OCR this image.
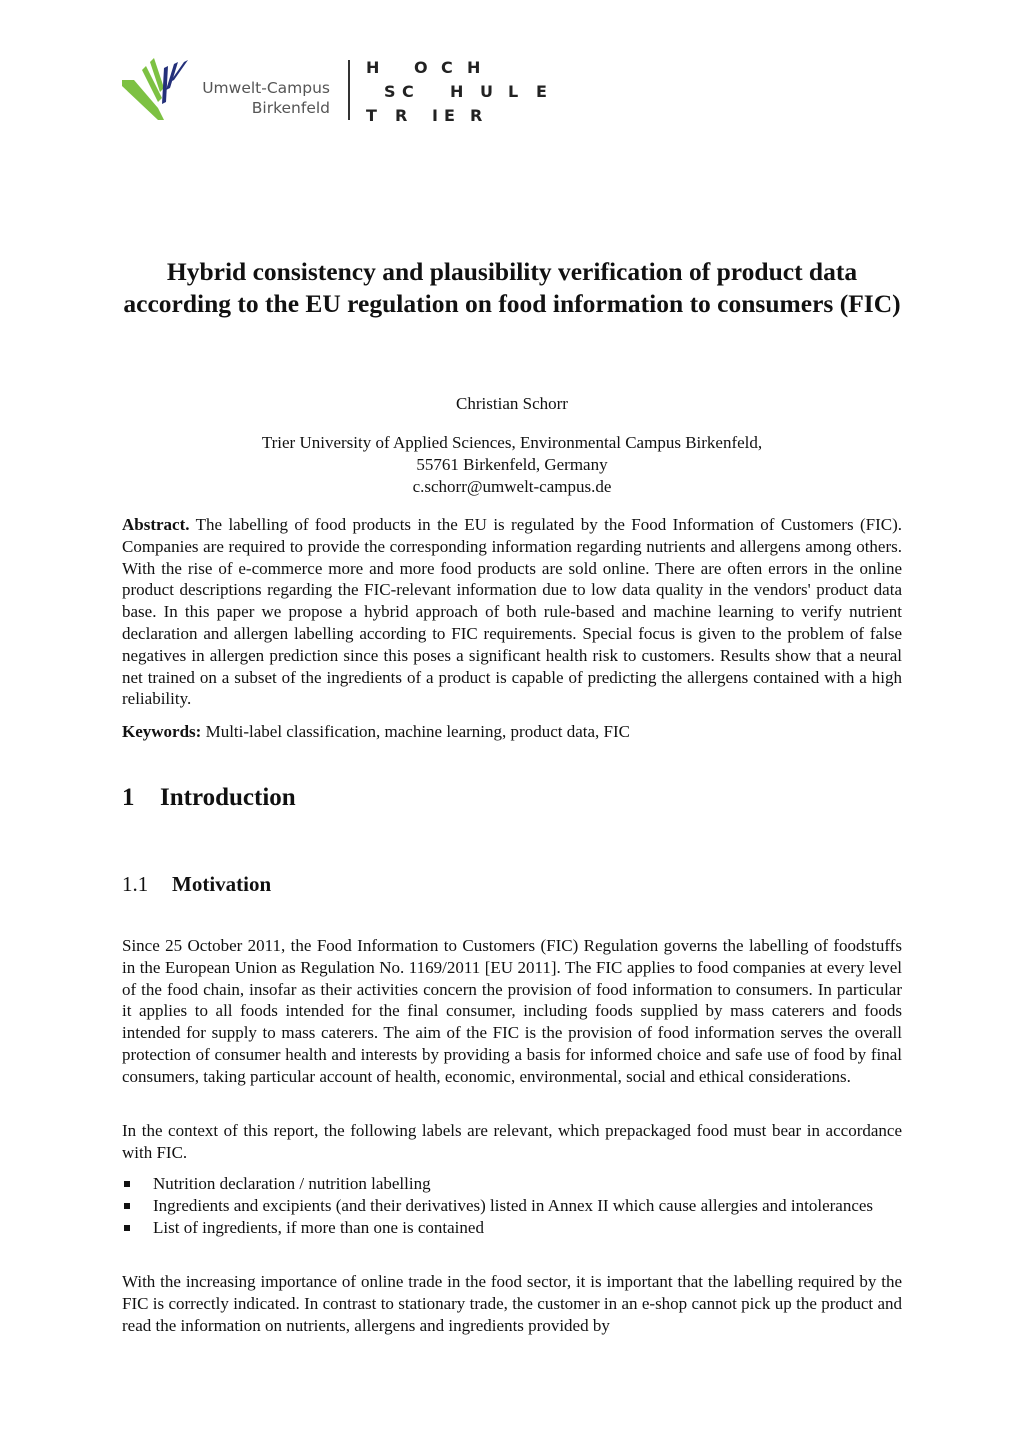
Umwelt-Campus
Birkenfeld
H O C H
S C H U L E
T R I E R
Hybrid consistency and plausibility verification of product data according to the EU regulation on food information to consumers (FIC)
Christian Schorr
Trier University of Applied Sciences, Environmental Campus Birkenfeld,
55761 Birkenfeld, Germany
c.schorr@umwelt-campus.de

Abstract. The labelling of food products in the EU is regulated by the Food Information of Customers (FIC). Companies are required to provide the corresponding information regarding nutrients and allergens among others. With the rise of e-commerce more and more food products are sold online. There are often errors in the online product descriptions regarding the FIC-relevant information due to low data quality in the vendors' product data base. In this paper we propose a hybrid approach of both rule-based and machine learning to verify nutrient declaration and allergen labelling according to FIC requirements. Special focus is given to the problem of false negatives in allergen prediction since this poses a significant health risk to customers. Results show that a neural net trained on a subset of the ingredients of a product is capable of predicting the allergens contained with a high reliability.

Keywords: Multi-label classification, machine learning, product data, FIC

1 Introduction
1.1 Motivation

Since 25 October 2011, the Food Information to Customers (FIC) Regulation governs the labelling of foodstuffs in the European Union as Regulation No. 1169/2011 [EU 2011]. The FIC applies to food companies at every level of the food chain, insofar as their activities concern the provision of food information to consumers. In particular it applies to all foods intended for the final consumer, including foods supplied by mass caterers and foods intended for supply to mass caterers. The aim of the FIC is the provision of food information serves the overall protection of consumer health and interests by providing a basis for informed choice and safe use of food by final consumers, taking particular account of health, economic, environmental, social and ethical considerations.

In the context of this report, the following labels are relevant, which prepackaged food must bear in accordance with FIC.

Nutrition declaration / nutrition labelling
Ingredients and excipients (and their derivatives) listed in Annex II which cause allergies and intolerances
List of ingredients, if more than one is contained

With the increasing importance of online trade in the food sector, it is important that the labelling required by the FIC is correctly indicated. In contrast to stationary trade, the customer in an e-shop cannot pick up the product and read the information on nutrients, allergens and ingredients provided by
